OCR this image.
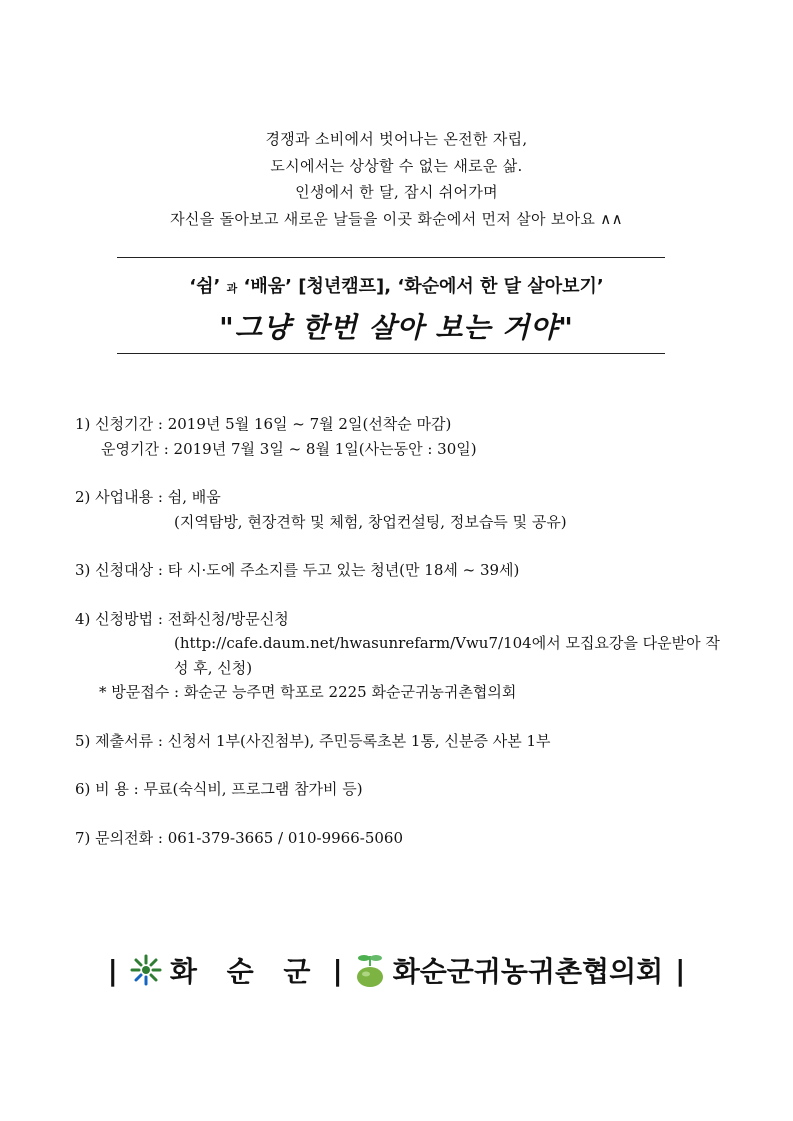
경쟁과 소비에서 벗어나는 온전한 자립,
도시에서는 상상할 수 없는 새로운 삶.
인생에서 한 달, 잠시 쉬어가며
자신을 돌아보고 새로운 날들을 이곳 화순에서 먼저 살아 보아요 ∧∧
‘쉼’ 과 ‘배움’ [청년캠프], ‘화순에서 한 달 살아보기’
"그냥 한번 살아 보는 거야"

1) 신청기간 : 2019년 5월 16일 ~ 7월 2일(선착순 마감)

운영기간 : 2019년 7월 3일 ~ 8월 1일(사는동안 : 30일)

2) 사업내용 : 쉼, 배움

(지역탐방, 현장견학 및 체험, 창업컨설팅, 정보습득 및 공유)

3) 신청대상 : 타 시·도에 주소지를 두고 있는 청년(만 18세 ~ 39세)

4) 신청방법 : 전화신청/방문신청

(http://cafe.daum.net/hwasunrefarm/Vwu7/104에서 모집요강을 다운받아 작

성 후, 신청)

* 방문접수 : 화순군 능주면 학포로 2225 화순군귀농귀촌협의회

5) 제출서류 : 신청서 1부(사진첨부), 주민등록초본 1통, 신분증 사본 1부

6) 비 용 : 무료(숙식비, 프로그램 참가비 등)

7) 문의전화 : 061-379-3665 / 010-9966-5060

| 화 순 군 | 화순군귀농귀촌협의회 |
